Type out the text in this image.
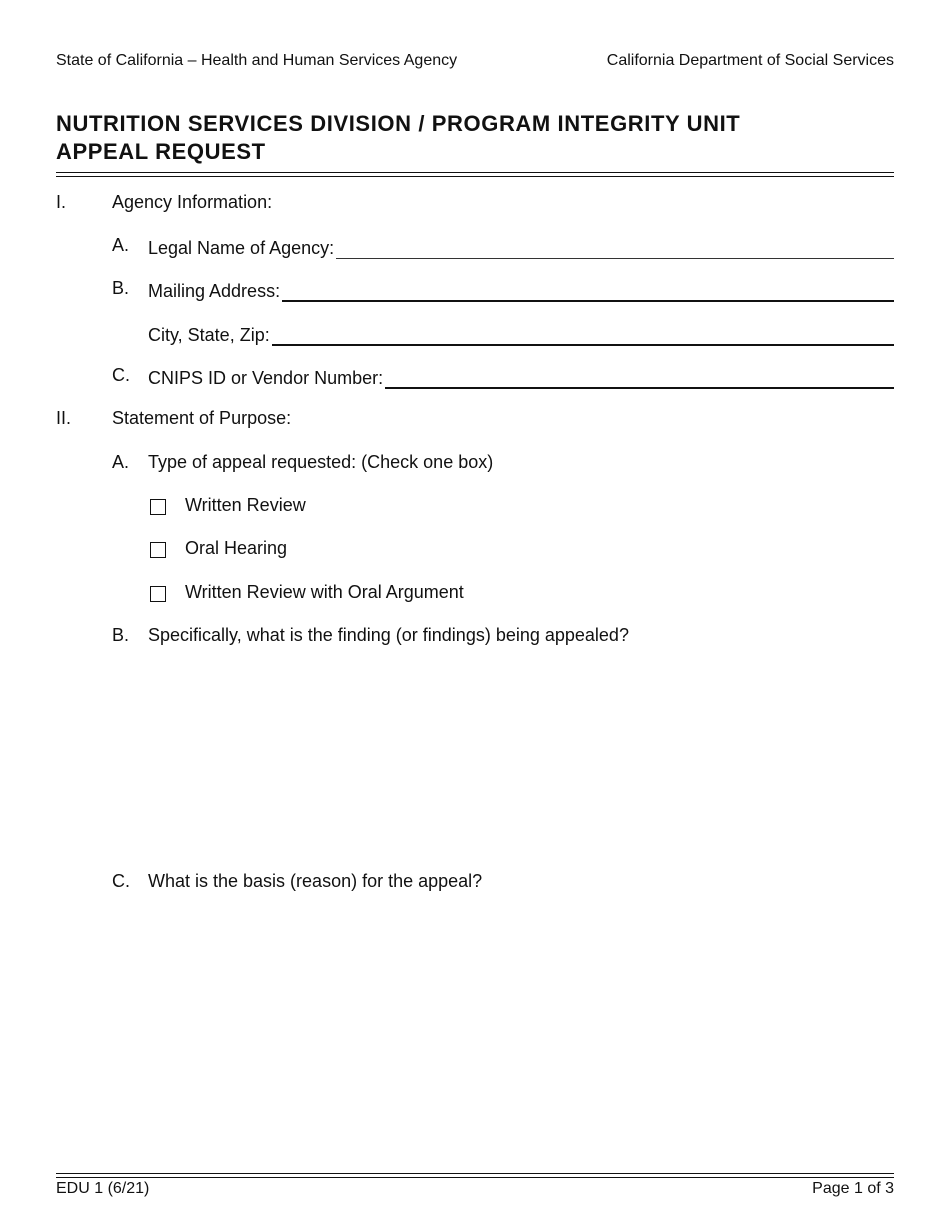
State of California – Health and Human Services Agency	California Department of Social Services
NUTRITION SERVICES DIVISION / PROGRAM INTEGRITY UNIT
APPEAL REQUEST
I.	Agency Information:
A. Legal Name of Agency:
B. Mailing Address:
City, State, Zip:
C. CNIPS ID or Vendor Number:
II. Statement of Purpose:
A. Type of appeal requested: (Check one box)
Written Review
Oral Hearing
Written Review with Oral Argument
B. Specifically, what is the finding (or findings) being appealed?
C. What is the basis (reason) for the appeal?
EDU 1 (6/21)	Page 1 of 3
